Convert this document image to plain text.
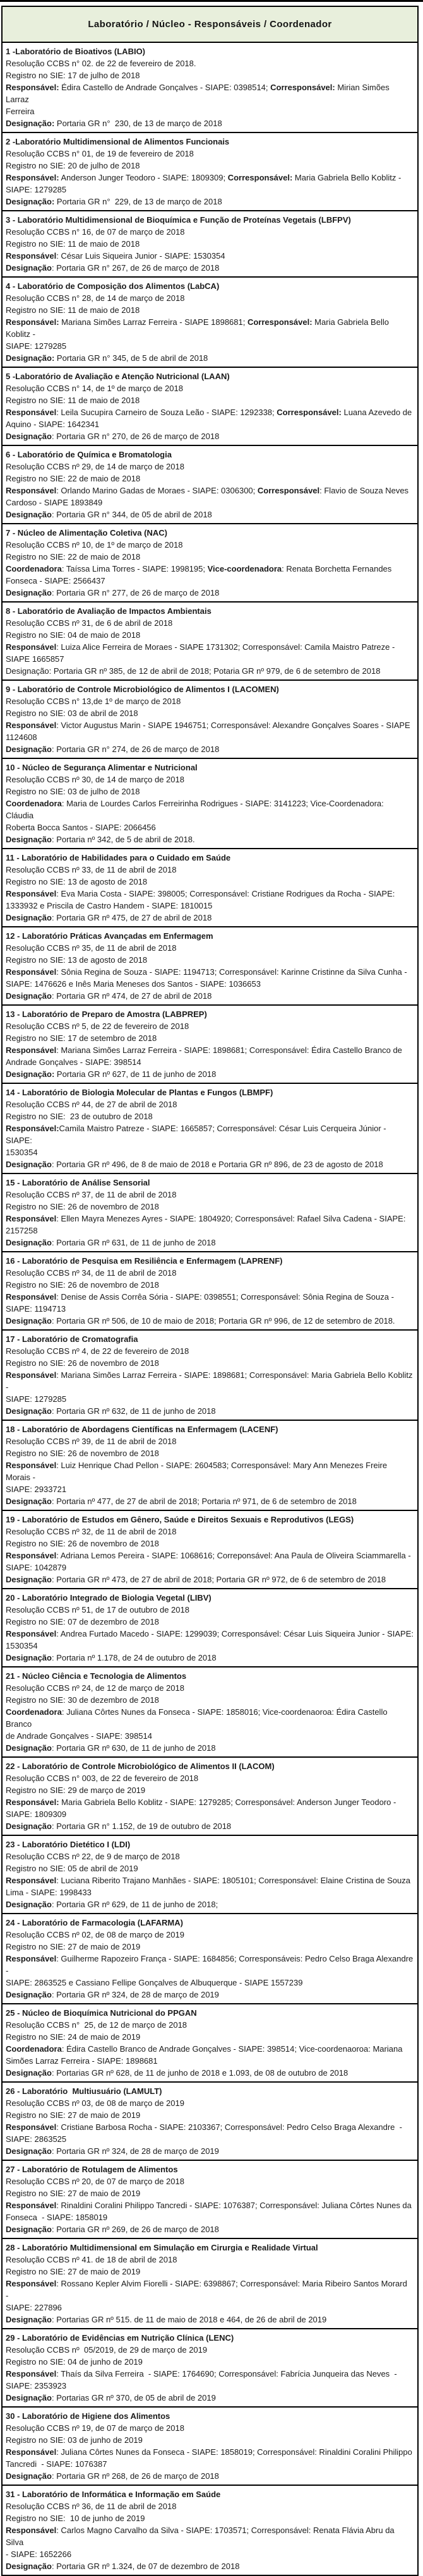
Laboratório / Núcleo - Responsáveis / Coordenador
1 -Laboratório de Bioativos (LABIO)
Resolução CCBS n° 02. de 22 de fevereiro de 2018.
Registro no SIE: 17 de julho de 2018
Responsável: Édira Castello de Andrade Gonçalves - SIAPE: 0398514; Corresponsável: Mirian Simões Larraz
Ferreira
Designação: Portaria GR n°  230, de 13 de março de 2018
2 -Laboratório Multidimensional de Alimentos Funcionais
Resolução CCBS n° 01, de 19 de fevereiro de 2018
Registro no SIE: 20 de julho de 2018
Responsável: Anderson Junger Teodoro - SIAPE: 1809309; Corresponsável: Maria Gabriela Bello Koblitz -
SIAPE: 1279285
Designação: Portaria GR n°  229, de 13 de março de 2018
3 - Laboratório Multidimensional de Bioquímica e Função de Proteínas Vegetais (LBFPV)
Resolução CCBS n° 16, de 07 de março de 2018
Registro no SIE: 11 de maio de 2018
Responsável: César Luis Siqueira Junior - SIAPE: 1530354
Designação: Portaria GR n° 267, de 26 de março de 2018
4 - Laboratório de Composição dos Alimentos (LabCA)
Resolução CCBS n° 28, de 14 de março de 2018
Registro no SIE: 11 de maio de 2018
Responsável: Mariana Simões Larraz Ferreira - SIAPE 1898681; Corresponsável: Maria Gabriela Bello Koblitz -
SIAPE: 1279285
Designação: Portaria GR n° 345, de 5 de abril de 2018
5 -Laboratório de Avaliação e Atenção Nutricional (LAAN)
Resolução CCBS n° 14, de 1º de março de 2018
Registro no SIE: 11 de maio de 2018
Responsável: Leila Sucupira Carneiro de Souza Leão - SIAPE: 1292338; Corresponsável: Luana Azevedo de
Aquino - SIAPE: 1642341
Designação: Portaria GR n° 270, de 26 de março de 2018
6 - Laboratório de Química e Bromatologia
Resolução CCBS nº 29, de 14 de março de 2018
Registro no SIE: 22 de maio de 2018
Responsável: Orlando Marino Gadas de Moraes - SIAPE: 0306300; Corresponsável: Flavio de Souza Neves
Cardoso - SIAPE 1893849
Designação: Portaria GR n° 344, de 05 de abril de 2018
7 - Núcleo de Alimentação Coletiva (NAC)
Resolução CCBS nº 10, de 1º de março de 2018
Registro no SIE: 22 de maio de 2018
Coordenadora: Taíssa Lima Torres - SIAPE: 1998195; Vice-coordenadora: Renata Borchetta Fernandes
Fonseca - SIAPE: 2566437
Designação: Portaria GR n° 277, de 26 de março de 2018
8 - Laboratório de Avaliação de Impactos Ambientais
Resolução CCBS nº 31, de 6 de abril de 2018
Registro no SIE: 04 de maio de 2018
Responsável: Luiza Alice Ferreira de Moraes - SIAPE 1731302; Corresponsável: Camila Maistro Patreze -
SIAPE 1665857
Designação: Portaria GR nº 385, de 12 de abril de 2018; Potaria GR nº 979, de 6 de setembro de 2018
9 - Laboratório de Controle Microbiológico de Alimentos I (LACOMEN)
Resolução CCBS n° 13,de 1º de março de 2018
Registro no SIE: 03 de abril de 2018
Responsável: Victor Augustus Marin - SIAPE 1946751; Corresponsável: Alexandre Gonçalves Soares - SIAPE
1124608
Designação: Portaria GR n° 274, de 26 de março de 2018
10 - Núcleo de Segurança Alimentar e Nutricional
Resolução CCBS nº 30, de 14 de março de 2018
Registro no SIE: 03 de julho de 2018
Coordenadora: Maria de Lourdes Carlos Ferreirinha Rodrigues - SIAPE: 3141223; Vice-Coordenadora: Cláudia
Roberta Bocca Santos - SIAPE: 2066456
Designação: Portaria nº 342, de 5 de abril de 2018.
11 - Laboratório de Habilidades para o Cuidado em Saúde
Resolução CCBS nº 33, de 11 de abril de 2018
Registro no SIE: 13 de agosto de 2018
Responsável: Eva Maria Costa - SIAPE: 398005; Corresponsável: Cristiane Rodrigues da Rocha - SIAPE:
1333932 e Priscila de Castro Handem - SIAPE: 1810015
Designação: Portaria GR nº 475, de 27 de abril de 2018
12 - Laboratório Práticas Avançadas em Enfermagem
Resolução CCBS nº 35, de 11 de abril de 2018
Registro no SIE: 13 de agosto de 2018
Responsável: Sônia Regina de Souza - SIAPE: 1194713; Corresponsável: Karinne Cristinne da Silva Cunha -
SIAPE: 1476626 e Inês Maria Meneses dos Santos - SIAPE: 1036653
Designação: Portaria GR nº 474, de 27 de abril de 2018
13 - Laboratório de Preparo de Amostra (LABPREP)
Resolução CCBS nº 5, de 22 de fevereiro de 2018
Registro no SIE: 17 de setembro de 2018
Responsável: Mariana Simões Larraz Ferreira - SIAPE: 1898681; Corresponsável: Édira Castello Branco de
Andrade Gonçalves - SIAPE: 398514
Designação: Portaria GR nº 627, de 11 de junho de 2018
14 - Laboratório de Biologia Molecular de Plantas e Fungos (LBMPF)
Resolução CCBS nº 44, de 27 de abril de 2018
Registro no SIE:  23 de outubro de 2018
Responsável:Camila Maistro Patreze - SIAPE: 1665857; Corresponsável: César Luis Cerqueira Júnior - SIAPE:
1530354
Designação: Portaria GR nº 496, de 8 de maio de 2018 e Portaria GR nº 896, de 23 de agosto de 2018
15 - Laboratório de Análise Sensorial
Resolução CCBS nº 37, de 11 de abril de 2018
Registro no SIE: 26 de novembro de 2018
Responsável: Ellen Mayra Menezes Ayres - SIAPE: 1804920; Corresponsável: Rafael Silva Cadena - SIAPE:
2157258
Designação: Portaria GR nº 631, de 11 de junho de 2018
16 - Laboratório de Pesquisa em Resiliência e Enfermagem (LAPRENF)
Resolução CCBS nº 34, de 11 de abril de 2018
Registro no SIE: 26 de novembro de 2018
Responsável: Denise de Assis Corrêa Sória - SIAPE: 0398551; Corresponsável: Sônia Regina de Souza -
SIAPE: 1194713
Designação: Portaria GR nº 506, de 10 de maio de 2018; Portaria GR nº 996, de 12 de setembro de 2018.
17 - Laboratório de Cromatografia
Resolução CCBS nº 4, de 22 de fevereiro de 2018
Registro no SIE: 26 de novembro de 2018
Responsável: Mariana Simões Larraz Ferreira - SIAPE: 1898681; Corresponsável: Maria Gabriela Bello Koblitz -
SIAPE: 1279285
Designação: Portaria GR nº 632, de 11 de junho de 2018
18 - Laboratório de Abordagens Científicas na Enfermagem (LACENF)
Resolução CCBS nº 39, de 11 de abril de 2018
Registro no SIE: 26 de novembro de 2018
Responsável: Luiz Henrique Chad Pellon - SIAPE: 2604583; Corresponsável: Mary Ann Menezes Freire Morais -
SIAPE: 2933721
Designação: Portaria nº 477, de 27 de abril de 2018; Portaria nº 971, de 6 de setembro de 2018
19 - Laboratório de Estudos em Gênero, Saúde e Direitos Sexuais e Reprodutivos (LEGS)
Resolução CCBS nº 32, de 11 de abril de 2018
Registro no SIE: 26 de novembro de 2018
Responsável: Adriana Lemos Pereira - SIAPE: 1068616; Correponsável: Ana Paula de Oliveira Sciammarella -
SIAPE: 1042879
Designação: Portaria GR nº 473, de 27 de abril de 2018; Portaria GR nº 972, de 6 de setembro de 2018
20 - Laboratório Integrado de Biologia Vegetal (LIBV)
Resolução CCBS nº 51, de 17 de outubro de 2018
Registro no SIE: 07 de dezembro de 2018
Responsável: Andrea Furtado Macedo - SIAPE: 1299039; Corresponsável: César Luis Siqueira Junior - SIAPE:
1530354
Designação: Portaria nº 1.178, de 24 de outubro de 2018
21 - Núcleo Ciência e Tecnologia de Alimentos
Resolução CCBS nº 24, de 12 de março de 2018
Registro no SIE: 30 de dezembro de 2018
Coordenadora: Juliana Côrtes Nunes da Fonseca - SIAPE: 1858016; Vice-coordenaoroa: Édira Castello Branco
de Andrade Gonçalves - SIAPE: 398514
Designação: Portaria GR nº 630, de 11 de junho de 2018
22 - Laboratório de Controle Microbiológico de Alimentos II (LACOM)
Resolução CCBS n° 003, de 22 de fevereiro de 2018
Registro no SIE: 29 de março de 2019
Responsável: Maria Gabriela Bello Koblitz - SIAPE: 1279285; Corresponsável: Anderson Junger Teodoro -
SIAPE: 1809309
Designação: Portaria GR n° 1.152, de 19 de outubro de 2018
23 - Laboratório Dietético I (LDI)
Resolução CCBS nº 22, de 9 de março de 2018
Registro no SIE: 05 de abril de 2019
Responsável: Luciana Riberito Trajano Manhães - SIAPE: 1805101; Corresponsável: Elaine Cristina de Souza
Lima - SIAPE: 1998433
Designação: Portaria GR nº 629, de 11 de junho de 2018;
24 - Laboratório de Farmacologia (LAFARMA)
Resolução CCBS nº 02, de 08 de março de 2019
Registro no SIE: 27 de maio de 2019
Responsável: Guilherme Rapozeiro França - SIAPE: 1684856; Corresponsáveis: Pedro Celso Braga Alexandre  -
SIAPE: 2863525 e Cassiano Fellipe Gonçalves de Albuquerque - SIAPE 1557239
Designação: Portaria GR nº 324, de 28 de março de 2019
25 - Núcleo de Bioquímica Nutricional do PPGAN
Resolução CCBS n°  25, de 12 de março de 2018
Registro no SIE: 24 de maio de 2019
Coordenadora: Édira Castello Branco de Andrade Gonçalves - SIAPE: 398514; Vice-coordenaoroa: Mariana
Simões Larraz Ferreira - SIAPE: 1898681
Designação: Portarias GR nº 628, de 11 de junho de 2018 e 1.093, de 08 de outubro de 2018
26 - Laboratório  Multiusuário (LAMULT)
Resolução CCBS nº 03, de 08 de março de 2019
Registro no SIE: 27 de maio de 2019
Responsável: Cristiane Barbosa Rocha - SIAPE: 2103367; Corresponsável: Pedro Celso Braga Alexandre  -
SIAPE: 2863525
Designação: Portaria GR nº 324, de 28 de março de 2019
27 - Laboratório de Rotulagem de Alimentos
Resolução CCBS nº 20, de 07 de março de 2018
Registro no SIE: 27 de maio de 2019
Responsável: Rinaldini Coralini Philippo Tancredi - SIAPE: 1076387; Corresponsável: Juliana Côrtes Nunes da
Fonseca  - SIAPE: 1858019
Designação: Portaria GR nº 269, de 26 de março de 2018
28 - Laboratório Multidimensional em Simulação em Cirurgia e Realidade Virtual
Resolução CCBS nº 41. de 18 de abril de 2018
Registro no SIE: 27 de maio de 2019
Responsável: Rossano Kepler Alvim Fiorelli - SIAPE: 6398867; Corresponsável: Maria Ribeiro Santos Morard  -
SIAPE: 227896
Designação: Portarias GR nº 515. de 11 de maio de 2018 e 464, de 26 de abril de 2019
29 - Laboratório de Evidências em Nutrição Clínica (LENC)
Resolução CCBS nº  05/2019, de 29 de março de 2019
Registro no SIE: 04 de junho de 2019
Responsável: Thaís da Silva Ferreira  - SIAPE: 1764690; Corresponsável: Fabrícia Junqueira das Neves  -
SIAPE: 2353923
Designação: Portarias GR nº 370, de 05 de abril de 2019
30 - Laboratório de Higiene dos Alimentos
Resolução CCBS nº 19, de 07 de março de 2018
Registro no SIE: 03 de junho de 2019
Responsável: Juliana Côrtes Nunes da Fonseca - SIAPE: 1858019; Corresponsável: Rinaldini Coralini Philippo
Tancredi  - SIAPE: 1076387
Designação: Portaria GR nº 268, de 26 de março de 2018
31 - Laboratório de Informática e Informação em Saúde
Resolução CCBS nº 36, de 11 de abril de 2018
Registro no SIE:  10 de junho de 2019
Responsável: Carlos Magno Carvalho da Silva - SIAPE: 1703571; Corresponsável: Renata Flávia Abru da Silva
- SIAPE: 1652266
Designação: Portaria GR nº 1.324, de 07 de dezembro de 2018
